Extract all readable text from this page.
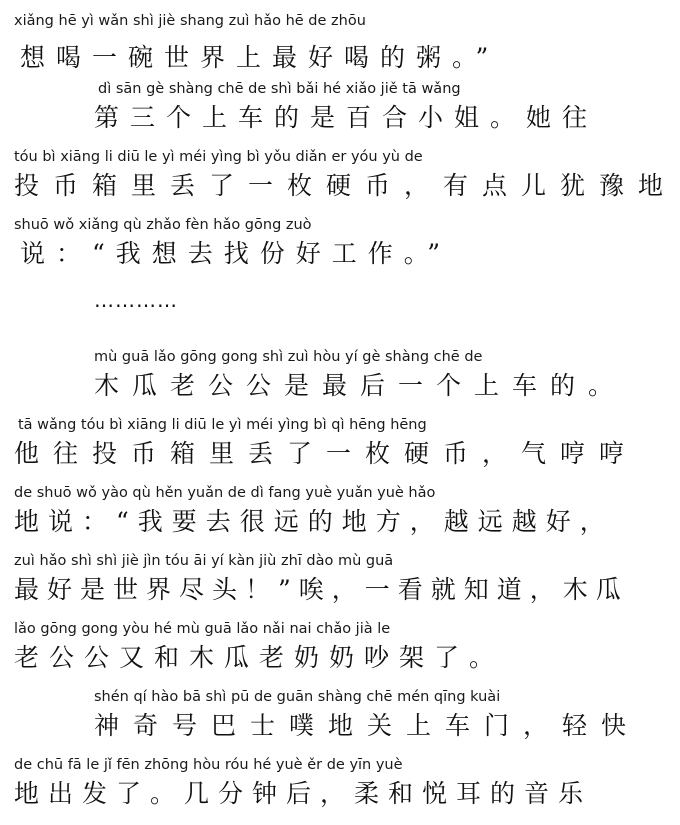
xiǎng hē yì wǎn shì jiè shang zuì hǎo hē de zhōu
想喝一碗世界上最好喝的粥。”
dì sān gè shàng chē de shì bǎi hé xiǎo jiě tā wǎng
第三个上车的是百合小姐。她往
tóu bì xiāng li diū le yì méi yìng bì yǒu diǎn er yóu yù de
投币箱里丢了一枚硬币，有点儿犹豫地
shuō wǒ xiǎng qù zhǎo fèn hǎo gōng zuò
说：“我想去找份好工作。”
…………
mù guā lǎo gōng gong shì zuì hòu yí gè shàng chē de
木瓜老公公是最后一个上车的。
tā wǎng tóu bì xiāng li diū le yì méi yìng bì qì hēng hēng
他往投币箱里丢了一枚硬币，气哼哼
de shuō wǒ yào qù hěn yuǎn de dì fang yuè yuǎn yuè hǎo
地说：“我要去很远的地方，越远越好，
zuì hǎo shì shì jiè jìn tóu āi yí kàn jiù zhī dào mù guā
最好是世界尽头！”唉，一看就知道，木瓜
lǎo gōng gong yòu hé mù guā lǎo nǎi nai chǎo jià le
老公公又和木瓜老奶奶吵架了。
shén qí hào bā shì pū de guān shàng chē mén qīng kuài
神奇号巴士噗地关上车门，轻快
de chū fā le jǐ fēn zhōng hòu róu hé yuè ěr de yīn yuè
地出发了。几分钟后，柔和悦耳的音乐
